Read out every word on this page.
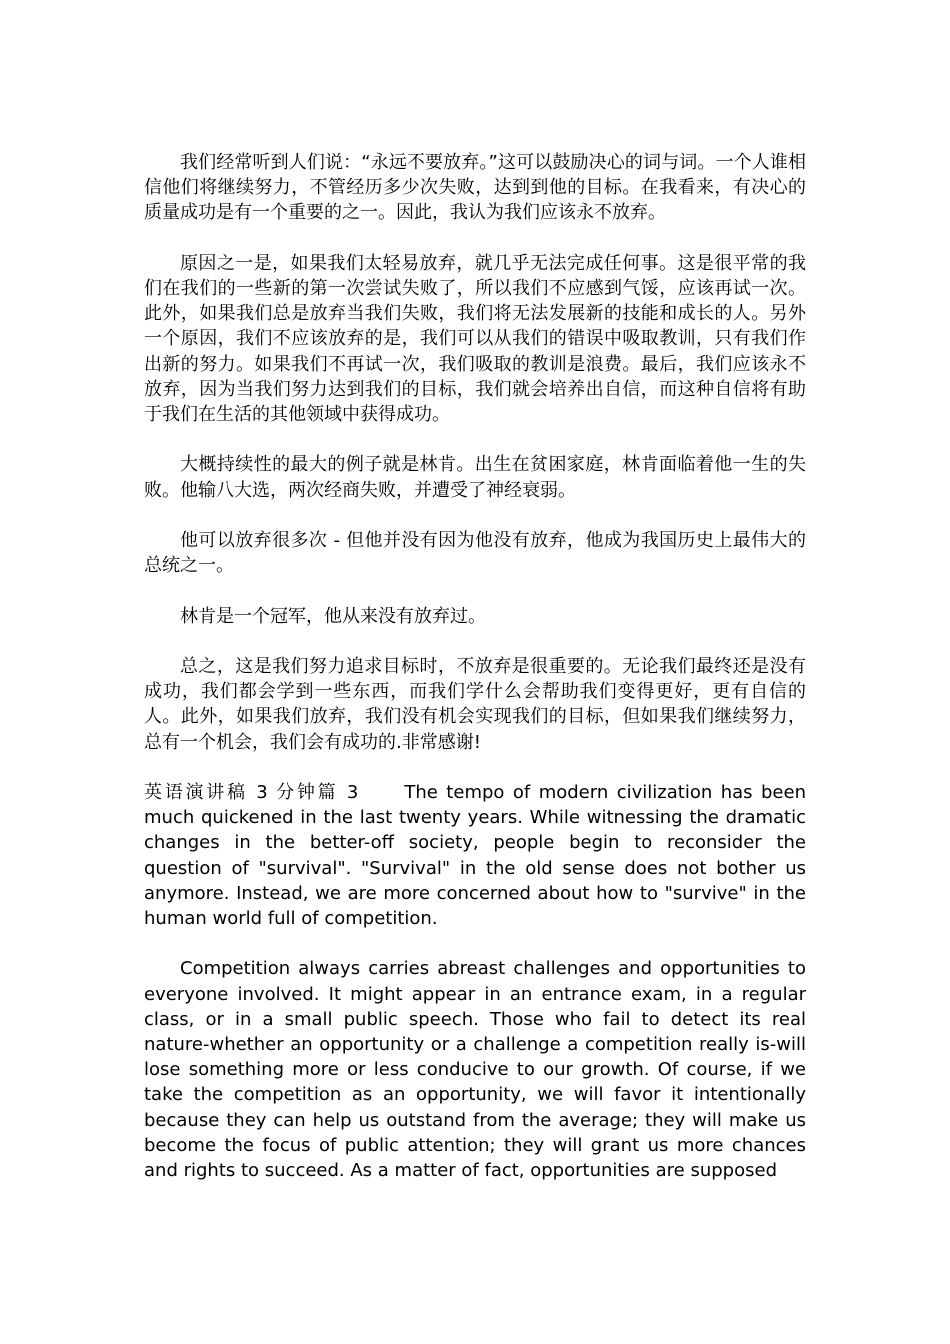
我们经常听到人们说：“永远不要放弃。”这可以鼓励决心的词与词。一个人谁相信他们将继续努力，不管经历多少次失败，达到到他的目标。在我看来，有决心的质量成功是有一个重要的之一。因此，我认为我们应该永不放弃。

原因之一是，如果我们太轻易放弃，就几乎无法完成任何事。这是很平常的我们在我们的一些新的第一次尝试失败了，所以我们不应感到气馁，应该再试一次。此外，如果我们总是放弃当我们失败，我们将无法发展新的技能和成长的人。另外一个原因，我们不应该放弃的是，我们可以从我们的错误中吸取教训，只有我们作出新的努力。如果我们不再试一次，我们吸取的教训是浪费。最后，我们应该永不放弃，因为当我们努力达到我们的目标，我们就会培养出自信，而这种自信将有助于我们在生活的其他领域中获得成功。

大概持续性的最大的例子就是林肯。出生在贫困家庭，林肯面临着他一生的失败。他输八大选，两次经商失败，并遭受了神经衰弱。

他可以放弃很多次 - 但他并没有因为他没有放弃，他成为我国历史上最伟大的总统之一。

林肯是一个冠军，他从来没有放弃过。

总之，这是我们努力追求目标时，不放弃是很重要的。无论我们最终还是没有成功，我们都会学到一些东西，而我们学什么会帮助我们变得更好，更有自信的人。此外，如果我们放弃，我们没有机会实现我们的目标，但如果我们继续努力，总有一个机会，我们会有成功的.非常感谢!

英语演讲稿 3 分钟篇 3	The tempo of modern civilization has been much quickened in the last twenty years. While witnessing the dramatic changes in the better-off society, people begin to reconsider the question of "survival". "Survival" in the old sense does not bother us anymore. Instead, we are more concerned about how to "survive" in the human world full of competition.

Competition always carries abreast challenges and opportunities to everyone involved. It might appear in an entrance exam, in a regular class, or in a small public speech. Those who fail to detect its real nature-whether an opportunity or a challenge a competition really is-will lose something more or less conducive to our growth. Of course, if we take the competition as an opportunity, we will favor it intentionally because they can help us outstand from the average; they will make us become the focus of public attention; they will grant us more chances and rights to succeed. As a matter of fact, opportunities are supposed
